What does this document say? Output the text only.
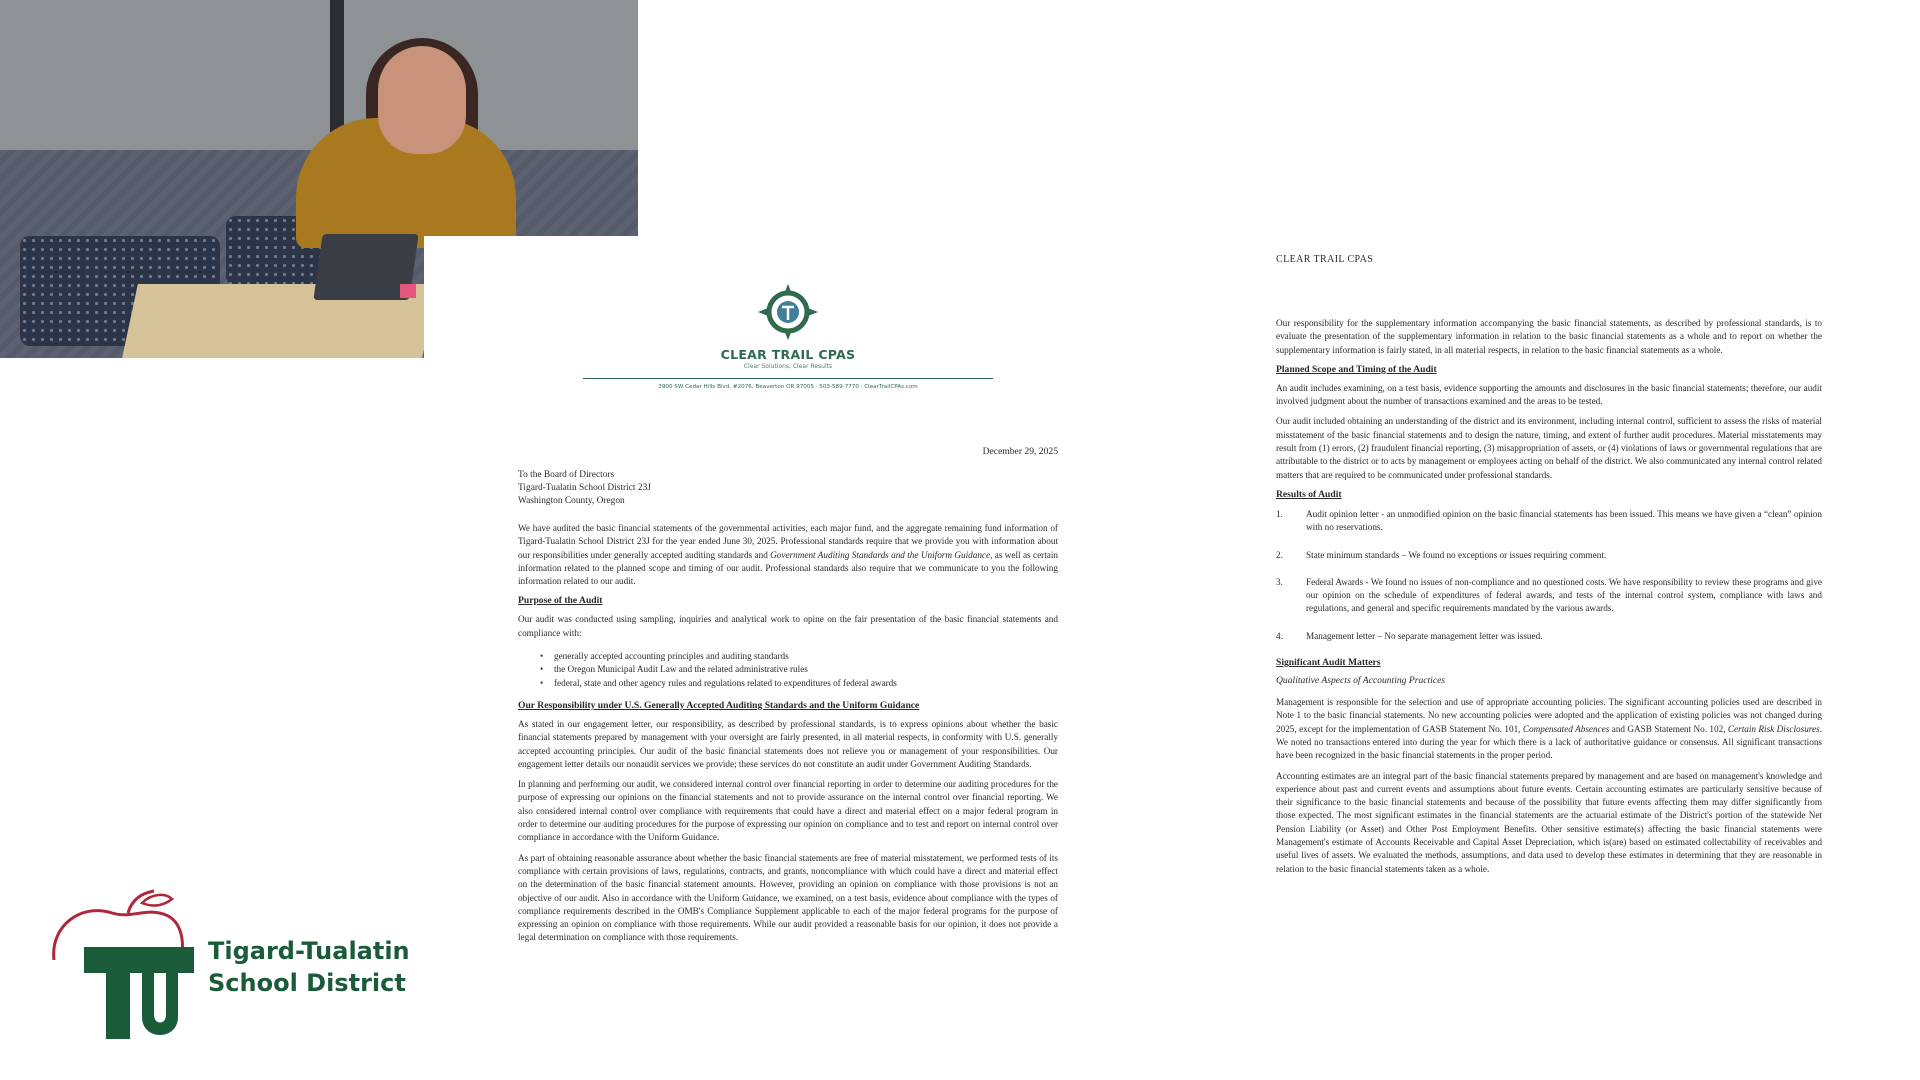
Tigard-Tualatin
School District
CLEAR TRAIL CPAS
Clear Solutions, Clear Results
3900 SW Cedar Hills Blvd, #2076, Beaverton OR 97005 · 503-589-7770 · ClearTrailCPAs.com
December 29, 2025
To the Board of Directors
Tigard-Tualatin School District 23J
Washington County, Oregon

We have audited the basic financial statements of the governmental activities, each major fund, and the aggregate remaining fund information of Tigard-Tualatin School District 23J for the year ended June 30, 2025. Professional standards require that we provide you with information about our responsibilities under generally accepted auditing standards and Government Auditing Standards and the Uniform Guidance, as well as certain information related to the planned scope and timing of our audit. Professional standards also require that we communicate to you the following information related to our audit.

Purpose of the Audit

Our audit was conducted using sampling, inquiries and analytical work to opine on the fair presentation of the basic financial statements and compliance with:

• generally accepted accounting principles and auditing standards
• the Oregon Municipal Audit Law and the related administrative rules
• federal, state and other agency rules and regulations related to expenditures of federal awards
Our Responsibility under U.S. Generally Accepted Auditing Standards and the Uniform Guidance

As stated in our engagement letter, our responsibility, as described by professional standards, is to express opinions about whether the basic financial statements prepared by management with your oversight are fairly presented, in all material respects, in conformity with U.S. generally accepted accounting principles. Our audit of the basic financial statements does not relieve you or management of your responsibilities. Our engagement letter details our nonaudit services we provide; these services do not constitute an audit under Government Auditing Standards.

In planning and performing our audit, we considered internal control over financial reporting in order to determine our auditing procedures for the purpose of expressing our opinions on the financial statements and not to provide assurance on the internal control over financial reporting. We also considered internal control over compliance with requirements that could have a direct and material effect on a major federal program in order to determine our auditing procedures for the purpose of expressing our opinion on compliance and to test and report on internal control over compliance in accordance with the Uniform Guidance.

As part of obtaining reasonable assurance about whether the basic financial statements are free of material misstatement, we performed tests of its compliance with certain provisions of laws, regulations, contracts, and grants, noncompliance with which could have a direct and material effect on the determination of the basic financial statement amounts. However, providing an opinion on compliance with those provisions is not an objective of our audit. Also in accordance with the Uniform Guidance, we examined, on a test basis, evidence about compliance with the types of compliance requirements described in the OMB's Compliance Supplement applicable to each of the major federal programs for the purpose of expressing an opinion on compliance with those requirements. While our audit provided a reasonable basis for our opinion, it does not provide a legal determination on compliance with those requirements.

CLEAR TRAIL CPAS

Our responsibility for the supplementary information accompanying the basic financial statements, as described by professional standards, is to evaluate the presentation of the supplementary information in relation to the basic financial statements as a whole and to report on whether the supplementary information is fairly stated, in all material respects, in relation to the basic financial statements as a whole.

Planned Scope and Timing of the Audit

An audit includes examining, on a test basis, evidence supporting the amounts and disclosures in the basic financial statements; therefore, our audit involved judgment about the number of transactions examined and the areas to be tested.

Our audit included obtaining an understanding of the district and its environment, including internal control, sufficient to assess the risks of material misstatement of the basic financial statements and to design the nature, timing, and extent of further audit procedures. Material misstatements may result from (1) errors, (2) fraudulent financial reporting, (3) misappropriation of assets, or (4) violations of laws or governmental regulations that are attributable to the district or to acts by management or employees acting on behalf of the district. We also communicated any internal control related matters that are required to be communicated under professional standards.

Results of Audit
1.	Audit opinion letter - an unmodified opinion on the basic financial statements has been issued. This means we have given a “clean” opinion with no reservations.
2.	State minimum standards – We found no exceptions or issues requiring comment.
3.	Federal Awards - We found no issues of non-compliance and no questioned costs. We have responsibility to review these programs and give our opinion on the schedule of expenditures of federal awards, and tests of the internal control system, compliance with laws and regulations, and general and specific requirements mandated by the various awards.
4.	Management letter – No separate management letter was issued.
Significant Audit Matters
Qualitative Aspects of Accounting Practices

Management is responsible for the selection and use of appropriate accounting policies. The significant accounting policies used are described in Note 1 to the basic financial statements. No new accounting policies were adopted and the application of existing policies was not changed during 2025, except for the implementation of GASB Statement No. 101, Compensated Absences and GASB Statement No. 102, Certain Risk Disclosures. We noted no transactions entered into during the year for which there is a lack of authoritative guidance or consensus. All significant transactions have been recognized in the basic financial statements in the proper period.

Accounting estimates are an integral part of the basic financial statements prepared by management and are based on management's knowledge and experience about past and current events and assumptions about future events. Certain accounting estimates are particularly sensitive because of their significance to the basic financial statements and because of the possibility that future events affecting them may differ significantly from those expected. The most significant estimates in the financial statements are the actuarial estimate of the District's portion of the statewide Net Pension Liability (or Asset) and Other Post Employment Benefits. Other sensitive estimate(s) affecting the basic financial statements were Management's estimate of Accounts Receivable and Capital Asset Depreciation, which is(are) based on estimated collectability of receivables and useful lives of assets. We evaluated the methods, assumptions, and data used to develop these estimates in determining that they are reasonable in relation to the basic financial statements taken as a whole.
